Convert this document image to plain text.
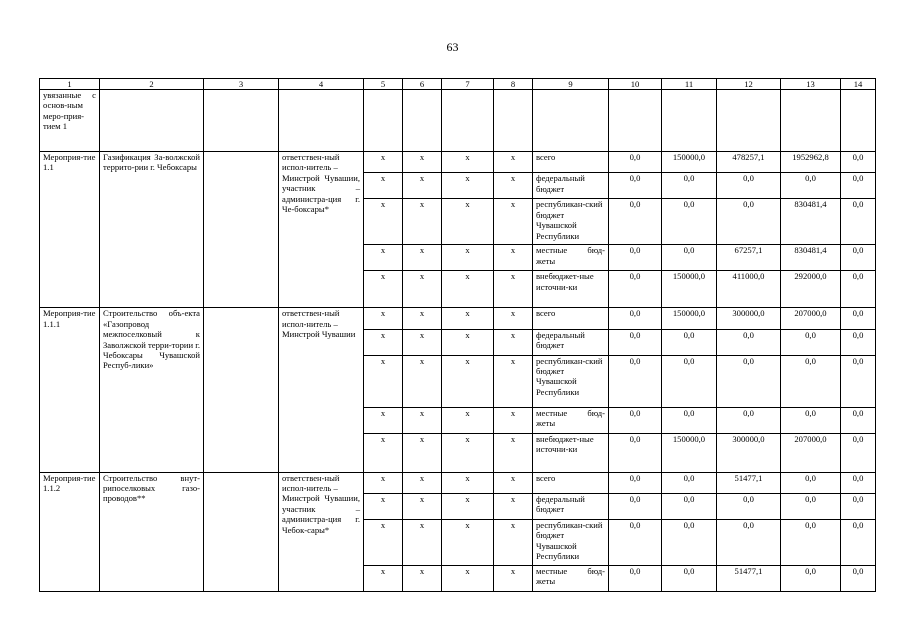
63
1	2	3	4	5	6	7	8	9	10	11	12	13	14
увязанные с основ-ным меро-прия-тием 1													
Мероприя-тие 1.1	Газификация За-волжской террито-рии г. Чебоксары		ответствен-ный испол-нитель –	x	x	x	x	всего	0,0	150000,0	478257,1	1952962,8	0,0
			Минстрой Чувашии, участник – администра-ция г. Че-боксары*	x	x	x	x	федеральный бюджет	0,0	0,0	0,0	0,0	0,0
				x	x	x	x	республикан-ский бюджет Чувашской Республики	0,0	0,0	0,0	830481,4	0,0
				x	x	x	x	местные бюд-жеты	0,0	0,0	67257,1	830481,4	0,0
				x	x	x	x	внебюджет-ные источни-ки	0,0	150000,0	411000,0	292000,0	0,0
Мероприя-тие 1.1.1	Строительство объ-екта «Газопровод межпоселковый к Заволжской терри-тории г. Чебоксары Чувашской Респуб-лики»		ответствен-ный испол-нитель –	x	x	x	x	всего	0,0	150000,0	300000,0	207000,0	0,0
			Минстрой Чувашии	x	x	x	x	федеральный бюджет	0,0	0,0	0,0	0,0	0,0
				x	x	x	x	республикан-ский бюджет Чувашской Республики	0,0	0,0	0,0	0,0	0,0
				x	x	x	x	местные бюд-жеты	0,0	0,0	0,0	0,0	0,0
				x	x	x	x	внебюджет-ные источни-ки	0,0	150000,0	300000,0	207000,0	0,0
Мероприя-тие 1.1.2	Строительство внут-рипоселковых газо-проводов**		ответствен-ный испол-нитель –	x	x	x	x	всего	0,0	0,0	51477,1	0,0	0,0
			Минстрой Чувашии, участник – администра-ция г. Чебок-сары*	x	x	x	x	федеральный бюджет	0,0	0,0	0,0	0,0	0,0
				x	x	x	x	республикан-ский бюджет Чувашской Республики	0,0	0,0	0,0	0,0	0,0
				x	x	x	x	местные бюд-жеты	0,0	0,0	51477,1	0,0	0,0
